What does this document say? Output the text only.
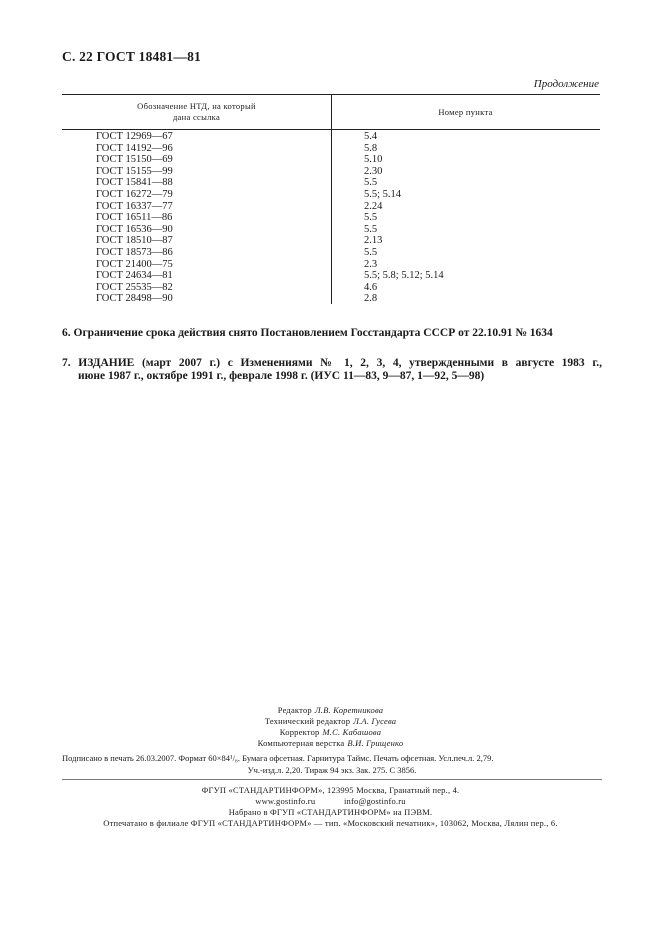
С. 22 ГОСТ 18481—81
Продолжение
Обозначение НТД, на который
дана ссылка	Номер пункта
ГОСТ 12969—67
ГОСТ 14192—96
ГОСТ 15150—69
ГОСТ 15155—99
ГОСТ 15841—88
ГОСТ 16272—79
ГОСТ 16337—77
ГОСТ 16511—86
ГОСТ 16536—90
ГОСТ 18510—87
ГОСТ 18573—86
ГОСТ 21400—75
ГОСТ 24634—81
ГОСТ 25535—82
ГОСТ 28498—90
5.4
5.8
5.10
2.30
5.5
5.5; 5.14
2.24
5.5
5.5
2.13
5.5
2.3
5.5; 5.8; 5.12; 5.14
4.6
2.8
6. Ограничение срока действия снято Постановлением Госстандарта СССР от 22.10.91 № 1634
7. ИЗДАНИЕ (март 2007 г.) с Изменениями № 1, 2, 3, 4, утвержденными в августе 1983 г.,
июне 1987 г., октябре 1991 г., феврале 1998 г. (ИУС 11—83, 9—87, 1—92, 5—98)
Редактор Л.В. Коретникова
Технический редактор Л.А. Гусева
Корректор М.С. Кабашова
Компьютерная верстка В.И. Грищенко
Подписано в печать 26.03.2007. Формат 60×84¹/₈. Бумага офсетная. Гарнитура Таймс. Печать офсетная. Усл.печ.л. 2,79.
Уч.-изд.л. 2,20. Тираж 94 экз. Зак. 275. С 3856.
ФГУП «СТАНДАРТИНФОРМ», 123995 Москва, Гранатный пер., 4.
www.gostinfo.ru	info@gostinfo.ru
Набрано в ФГУП «СТАНДАРТИНФОРМ» на ПЭВМ.
Отпечатано в филиале ФГУП «СТАНДАРТИНФОРМ» — тип. «Московский печатник», 103062, Москва, Лялин пер., 6.
